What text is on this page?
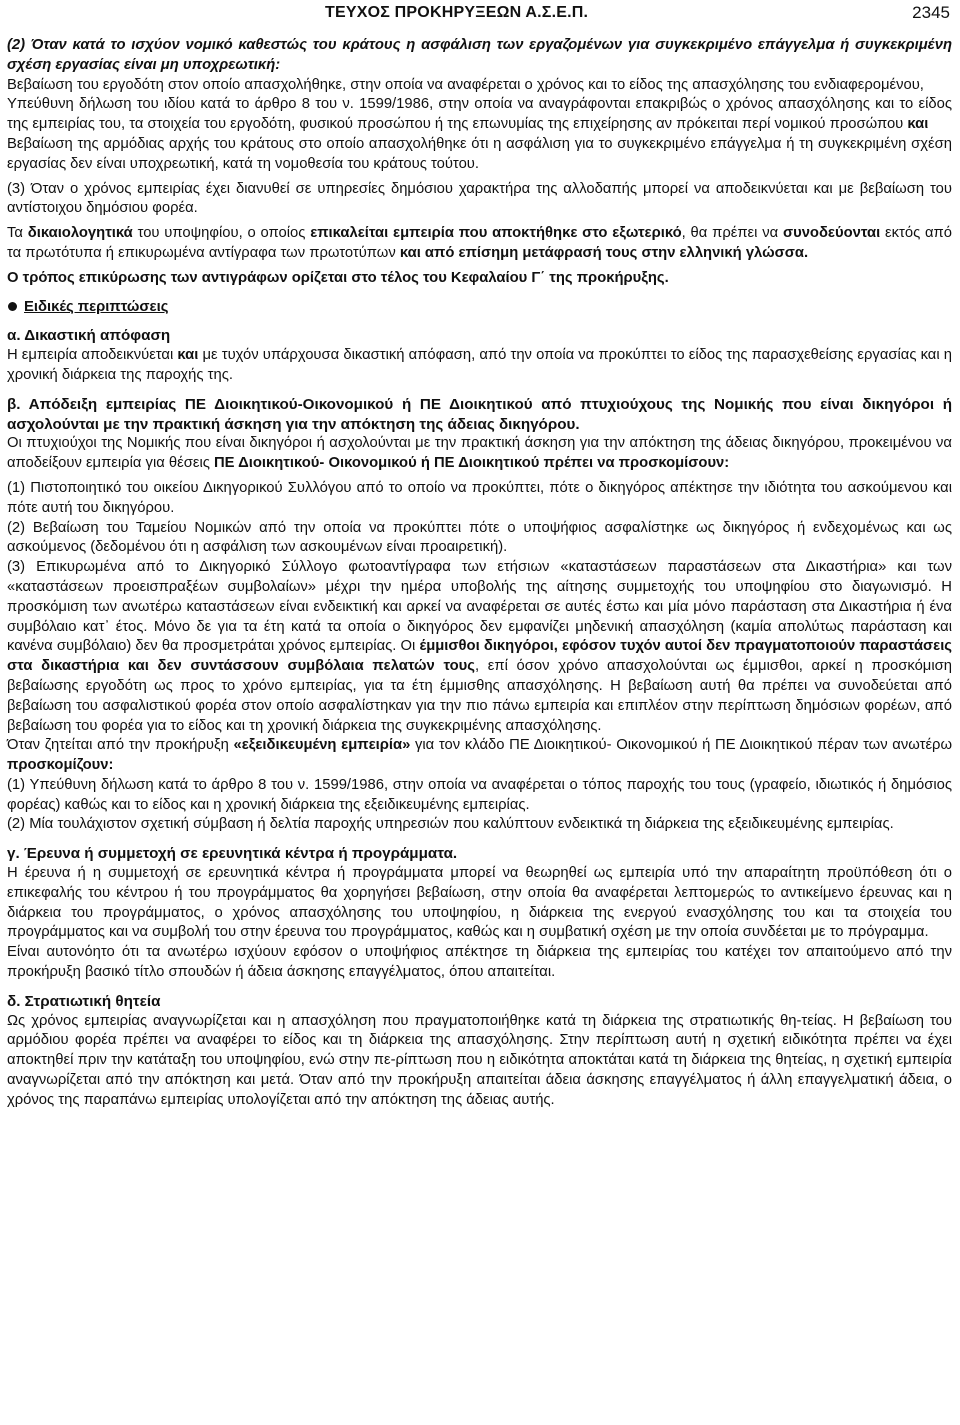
ΤΕΥΧΟΣ ΠΡΟΚΗΡΥΞΕΩΝ Α.Σ.Ε.Π.	2345

(2) Όταν κατά το ισχύον νομικό καθεστώς του κράτους η ασφάλιση των εργαζομένων για συγκεκριμένο επάγγελμα ή συγκεκριμένη σχέση εργασίας είναι μη υποχρεωτική:

Βεβαίωση του εργοδότη στον οποίο απασχολήθηκε, στην οποία να αναφέρεται ο χρόνος και το είδος της απασχόλησης του ενδιαφερομένου,

Υπεύθυνη δήλωση του ιδίου κατά το άρθρο 8 του ν. 1599/1986, στην οποία να αναγράφονται επακριβώς ο χρόνος απασχόλησης και το είδος της εμπειρίας του, τα στοιχεία του εργοδότη, φυσικού προσώπου ή της επωνυμίας της επιχείρησης αν πρόκειται περί νομικού προσώπου και

Βεβαίωση της αρμόδιας αρχής του κράτους στο οποίο απασχολήθηκε ότι η ασφάλιση για το συγκεκριμένο επάγγελμα ή τη συγκεκριμένη σχέση εργασίας δεν είναι υποχρεωτική, κατά τη νομοθεσία του κράτους τούτου.

(3) Όταν ο χρόνος εμπειρίας έχει διανυθεί σε υπηρεσίες δημόσιου χαρακτήρα της αλλοδαπής μπορεί να αποδεικνύεται και με βεβαίωση του αντίστοιχου δημόσιου φορέα.

Τα δικαιολογητικά του υποψηφίου, ο οποίος επικαλείται εμπειρία που αποκτήθηκε στο εξωτερικό, θα πρέπει να συνοδεύονται εκτός από τα πρωτότυπα ή επικυρωμένα αντίγραφα των πρωτοτύπων και από επίσημη μετάφρασή τους στην ελληνική γλώσσα.

Ο τρόπος επικύρωσης των αντιγράφων ορίζεται στο τέλος του Κεφαλαίου Γ΄ της προκήρυξης.

Ειδικές περιπτώσεις

α. Δικαστική απόφαση

Η εμπειρία αποδεικνύεται και με τυχόν υπάρχουσα δικαστική απόφαση, από την οποία να προκύπτει το είδος της παρασχεθείσης εργασίας και η χρονική διάρκεια της παροχής της.

β. Απόδειξη εμπειρίας ΠΕ Διοικητικού-Οικονομικού ή ΠΕ Διοικητικού από πτυχιούχους της Νομικής που είναι δικηγόροι ή ασχολούνται με την πρακτική άσκηση για την απόκτηση της άδειας δικηγόρου.

Οι πτυχιούχοι της Νομικής που είναι δικηγόροι ή ασχολούνται με την πρακτική άσκηση για την απόκτηση της άδειας δικηγόρου, προκειμένου να αποδείξουν εμπειρία για θέσεις ΠΕ Διοικητικού- Οικονομικού ή ΠΕ Διοικητικού πρέπει να προσκομίσουν:

(1) Πιστοποιητικό του οικείου Δικηγορικού Συλλόγου από το οποίο να προκύπτει, πότε ο δικηγόρος απέκτησε την ιδιότητα του ασκούμενου και πότε αυτή του δικηγόρου.

(2) Βεβαίωση του Ταμείου Νομικών από την οποία να προκύπτει πότε ο υποψήφιος ασφαλίστηκε ως δικηγόρος ή ενδεχομένως και ως ασκούμενος (δεδομένου ότι η ασφάλιση των ασκουμένων είναι προαιρετική).

(3) Επικυρωμένα από το Δικηγορικό Σύλλογο φωτοαντίγραφα των ετήσιων «καταστάσεων παραστάσεων στα Δικαστήρια» και των «καταστάσεων προεισπραξέων συμβολαίων» μέχρι την ημέρα υποβολής της αίτησης συμμετοχής του υποψηφίου στο διαγωνισμό. Η προσκόμιση των ανωτέρω καταστάσεων είναι ενδεικτική και αρκεί να αναφέρεται σε αυτές έστω και μία μόνο παράσταση στα Δικαστήρια ή ένα συμβόλαιο κατ᾽ έτος. Μόνο δε για τα έτη κατά τα οποία ο δικηγόρος δεν εμφανίζει μηδενική απασχόληση (καμία απολύτως παράσταση και κανένα συμβόλαιο) δεν θα προσμετράται χρόνος εμπειρίας. Οι έμμισθοι δικηγόροι, εφόσον τυχόν αυτοί δεν πραγματοποιούν παραστάσεις στα δικαστήρια και δεν συντάσσουν συμβόλαια πελατών τους, επί όσον χρόνο απασχολούνται ως έμμισθοι, αρκεί η προσκόμιση βεβαίωσης εργοδότη ως προς το χρόνο εμπειρίας, για τα έτη έμμισθης απασχόλησης. Η βεβαίωση αυτή θα πρέπει να συνοδεύεται από βεβαίωση του ασφαλιστικού φορέα στον οποίο ασφαλίστηκαν για την πιο πάνω εμπειρία και επιπλέον στην περίπτωση δημόσιων φορέων, από βεβαίωση του φορέα για το είδος και τη χρονική διάρκεια της συγκεκριμένης απασχόλησης.

Όταν ζητείται από την προκήρυξη «εξειδικευμένη εμπειρία» για τον κλάδο ΠΕ Διοικητικού- Οικονομικού ή ΠΕ Διοικητικού πέραν των ανωτέρω προσκομίζουν:

(1) Υπεύθυνη δήλωση κατά το άρθρο 8 του ν. 1599/1986, στην οποία να αναφέρεται ο τόπος παροχής του τους (γραφείο, ιδιωτικός ή δημόσιος φορέας) καθώς και το είδος και η χρονική διάρκεια της εξειδικευμένης εμπειρίας.

(2) Μία τουλάχιστον σχετική σύμβαση ή δελτία παροχής υπηρεσιών που καλύπτουν ενδεικτικά τη διάρκεια της εξειδικευμένης εμπειρίας.

γ. Έρευνα ή συμμετοχή σε ερευνητικά κέντρα ή προγράμματα.

Η έρευνα ή η συμμετοχή σε ερευνητικά κέντρα ή προγράμματα μπορεί να θεωρηθεί ως εμπειρία υπό την απαραίτητη προϋπόθεση ότι ο επικεφαλής του κέντρου ή του προγράμματος θα χορηγήσει βεβαίωση, στην οποία θα αναφέρεται λεπτομερώς το αντικείμενο έρευνας και η διάρκεια του προγράμματος, ο χρόνος απασχόλησης του υποψηφίου, η διάρκεια της ενεργού ενασχόλησης του και τα στοιχεία του προγράμματος και να συμβολή του στην έρευνα του προγράμματος, καθώς και η συμβατική σχέση με την οποία συνδέεται με το πρόγραμμα.

Είναι αυτονόητο ότι τα ανωτέρω ισχύουν εφόσον ο υποψήφιος απέκτησε τη διάρκεια της εμπειρίας του κατέχει τον απαιτούμενο από την προκήρυξη βασικό τίτλο σπουδών ή άδεια άσκησης επαγγέλματος, όπου απαιτείται.

δ. Στρατιωτική θητεία

Ως χρόνος εμπειρίας αναγνωρίζεται και η απασχόληση που πραγματοποιήθηκε κατά τη διάρκεια της στρατιωτικής θη-τείας. Η βεβαίωση του αρμόδιου φορέα πρέπει να αναφέρει το είδος και τη διάρκεια της απασχόλησης. Στην περίπτωση αυτή η σχετική ειδικότητα πρέπει να έχει αποκτηθεί πριν την κατάταξη του υποψηφίου, ενώ στην πε-ρίπτωση που η ειδικότητα αποκτάται κατά τη διάρκεια της θητείας, η σχετική εμπειρία αναγνωρίζεται από την απόκτηση και μετά. Όταν από την προκήρυξη απαιτείται άδεια άσκησης επαγγέλματος ή άλλη επαγγελματική άδεια, ο χρόνος της παραπάνω εμπειρίας υπολογίζεται από την απόκτηση της άδειας αυτής.
